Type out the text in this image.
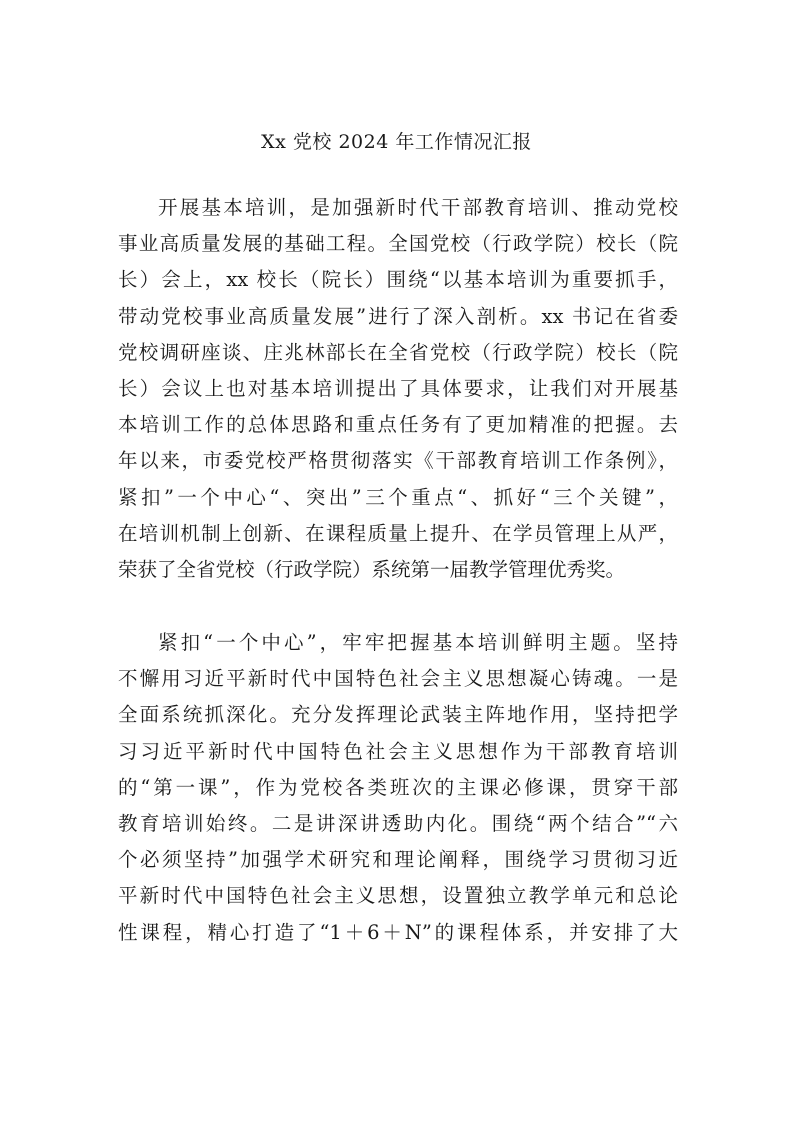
Xx 党校 2024 年工作情况汇报
开展基本培训，是加强新时代干部教育培训、推动党校
事业高质量发展的基础工程。全国党校（行政学院）校长（院
长）会上，xx 校长（院长）围绕“以基本培训为重要抓手，
带动党校事业高质量发展”进行了深入剖析。xx 书记在省委
党校调研座谈、庄兆林部长在全省党校（行政学院）校长（院
长）会议上也对基本培训提出了具体要求，让我们对开展基
本培训工作的总体思路和重点任务有了更加精准的把握。去
年以来，市委党校严格贯彻落实《干部教育培训工作条例》，
紧扣”一个中心“、突出”三个重点“、抓好“三个关键”，
在培训机制上创新、在课程质量上提升、在学员管理上从严，
荣获了全省党校（行政学院）系统第一届教学管理优秀奖。
紧扣“一个中心”，牢牢把握基本培训鲜明主题。坚持
不懈用习近平新时代中国特色社会主义思想凝心铸魂。一是
全面系统抓深化。充分发挥理论武装主阵地作用，坚持把学
习习近平新时代中国特色社会主义思想作为干部教育培训
的“第一课”，作为党校各类班次的主课必修课，贯穿干部
教育培训始终。二是讲深讲透助内化。围绕“两个结合”“六
个必须坚持”加强学术研究和理论阐释，围绕学习贯彻习近
平新时代中国特色社会主义思想，设置独立教学单元和总论
性课程，精心打造了“1＋6＋N”的课程体系，并安排了大
